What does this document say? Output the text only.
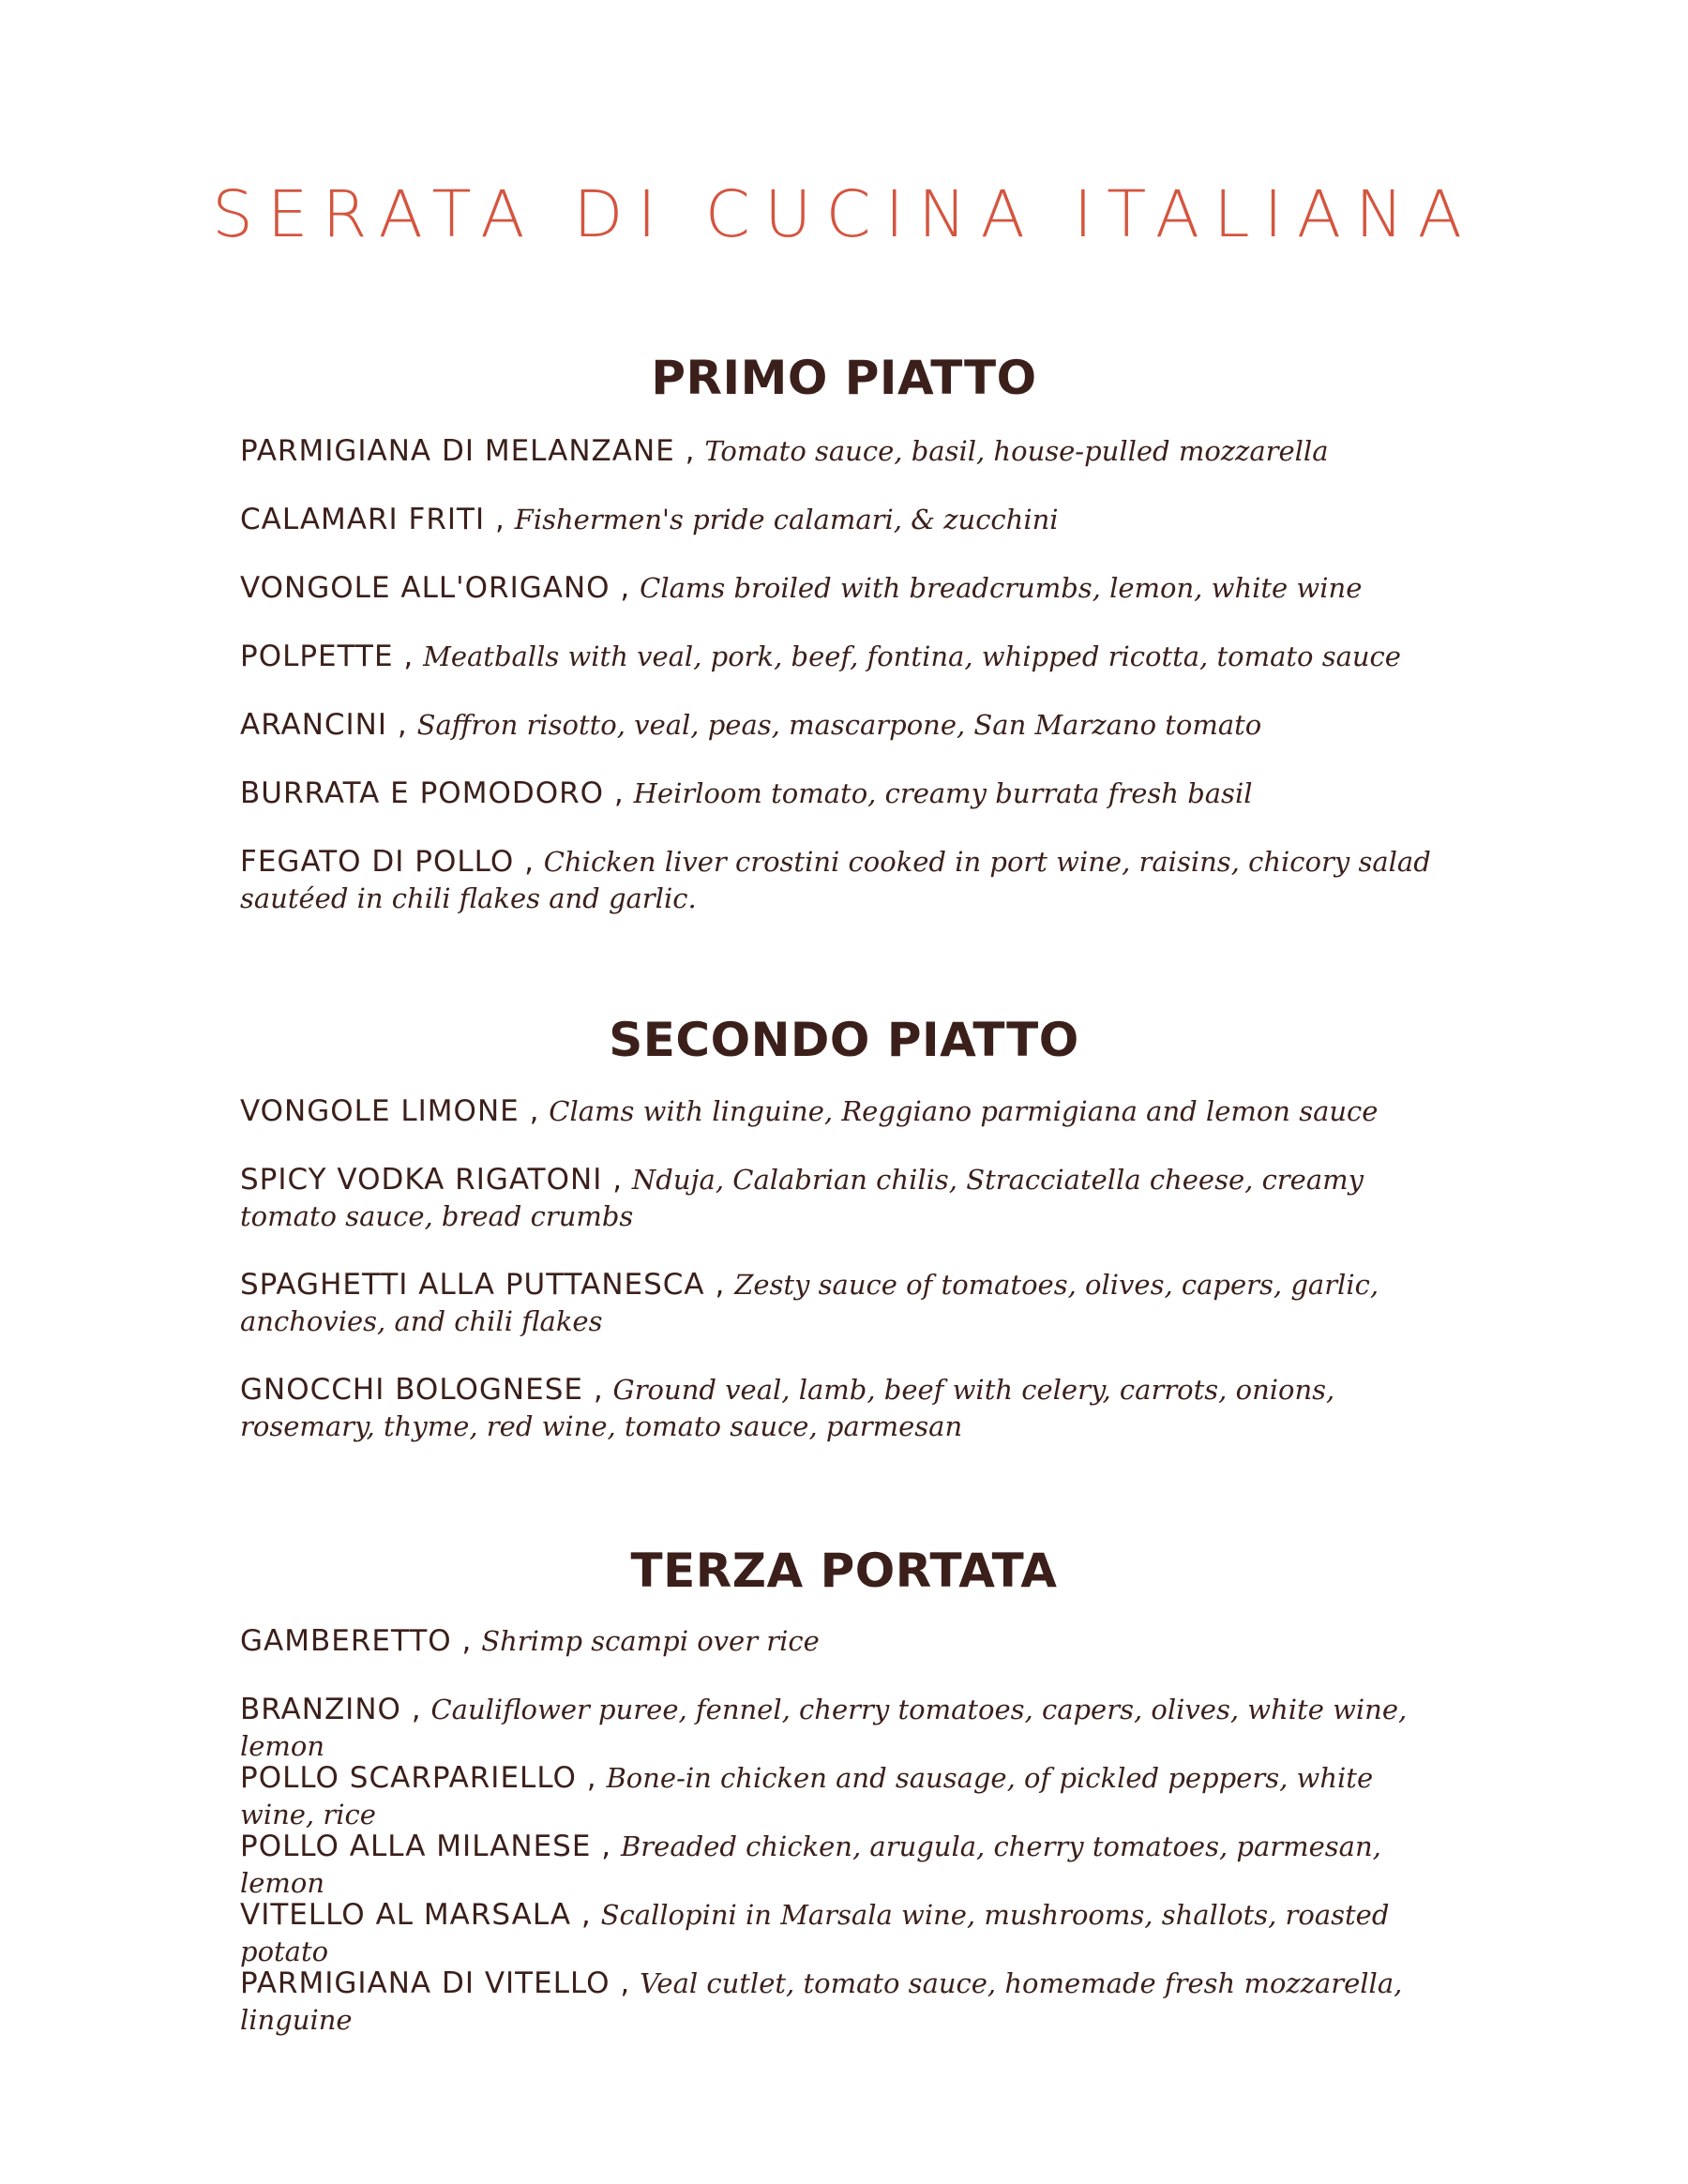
SERATA DI CUCINA ITALIANA
PRIMO PIATTO
PARMIGIANA DI MELANZANE , Tomato sauce, basil, house-pulled mozzarella
CALAMARI FRITI , Fishermen's pride calamari, & zucchini
VONGOLE ALL'ORIGANO , Clams broiled with breadcrumbs, lemon, white wine
POLPETTE , Meatballs with veal, pork, beef, fontina, whipped ricotta, tomato sauce
ARANCINI , Saffron risotto, veal, peas, mascarpone, San Marzano tomato
BURRATA E POMODORO , Heirloom tomato, creamy burrata fresh basil
FEGATO DI POLLO , Chicken liver crostini cooked in port wine, raisins, chicory salad sautéed in chili flakes and garlic.
SECONDO PIATTO
VONGOLE LIMONE , Clams with linguine, Reggiano parmigiana and lemon sauce
SPICY VODKA RIGATONI , Nduja, Calabrian chilis, Stracciatella cheese, creamy tomato sauce, bread crumbs
SPAGHETTI ALLA PUTTANESCA , Zesty sauce of tomatoes, olives, capers, garlic, anchovies, and chili flakes
GNOCCHI BOLOGNESE , Ground veal, lamb, beef with celery, carrots, onions, rosemary, thyme, red wine, tomato sauce, parmesan
TERZA PORTATA
GAMBERETTO , Shrimp scampi over rice
BRANZINO , Cauliflower puree, fennel, cherry tomatoes, capers, olives, white wine, lemon
POLLO SCARPARIELLO , Bone-in chicken and sausage, of pickled peppers, white wine, rice
POLLO ALLA MILANESE , Breaded chicken, arugula, cherry tomatoes, parmesan, lemon
VITELLO AL MARSALA , Scallopini in Marsala wine, mushrooms, shallots, roasted potato
PARMIGIANA DI VITELLO , Veal cutlet, tomato sauce, homemade fresh mozzarella, linguine
